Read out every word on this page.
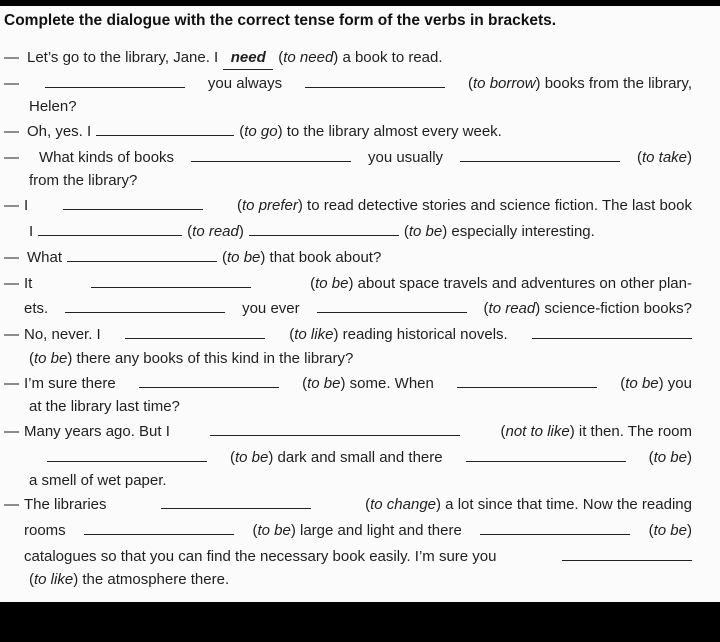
Complete the dialogue with the correct tense form of the verbs in brackets.
— Let’s go to the library, Jane. I need (to need) a book to read.
—	you always	(to borrow) books from the library,
Helen?
— Oh, yes. I	(to go) to the library almost every week.
— What kinds of books	you usually	(to take)
from the library?
— I	(to prefer) to read detective stories and science fiction. The last book
I	(to read)	(to be) especially interesting.
— What	(to be) that book about?
— It	(to be) about space travels and adventures on other plan-
ets.	you ever	(to read) science-fiction books?
— No, never. I	(to like) reading historical novels.
(to be) there any books of this kind in the library?
— I’m sure there	(to be) some. When	(to be) you
at the library last time?
— Many years ago. But I	(not to like) it then. The room
(to be) dark and small and there	(to be)
a smell of wet paper.
— The libraries	(to change) a lot since that time. Now the reading
rooms	(to be) large and light and there	(to be)
catalogues so that you can find the necessary book easily. I’m sure you
(to like) the atmosphere there.
